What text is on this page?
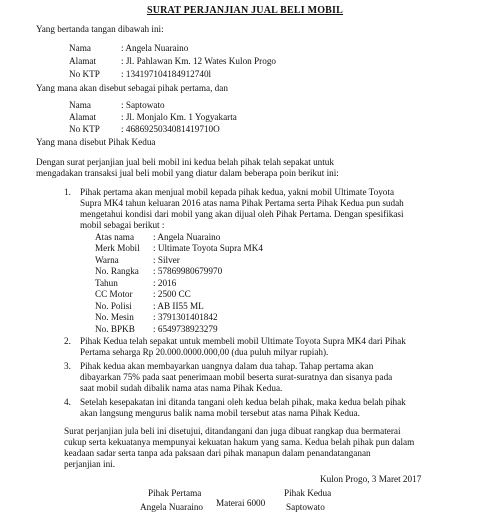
SURAT PERJANJIAN JUAL BELI MOBIL
Yang bertanda tangan dibawah ini:
Nama	: Angela Nuaraino
Alamat	: Jl. Pahlawan Km. 12 Wates Kulon Progo
No KTP : 134197104184912740l
Yang mana akan disebut sebagai pihak pertama, dan
Nama	: Saptowato
Alamat	: Jl. Monjalo Km. 1 Yogyakarta
No KTP : 4686925034081419710O
Yang mana disebut Pihak Kedua
Dengan surat perjanjian jual beli mobil ini kedua belah pihak telah sepakat untuk
mengadakan transaksi jual beli mobil yang diatur dalam beberapa poin berikut ini:
1. Pihak pertama akan menjual mobil kepada pihak kedua, yakni mobil Ultimate Toyota
Supra MK4 tahun keluaran 2016 atas nama Pihak Pertama serta Pihak Kedua pun sudah
mengetahui kondisi dari mobil yang akan dijual oleh Pihak Pertama. Dengan spesifikasi
mobil sebagai berikut :
Atas nama : Angela Nuaraino
Merk Mobil : Ultimate Toyota Supra MK4
Warna	: Silver
No. Rangka : 57869980679970
Tahun	: 2016
CC Motor : 2500 CC
No. Polisi : AB II55 ML
No. Mesin : 3791301401842
No. BPKB : 6549738923279
2. Pihak Kedua telah sepakat untuk membeli mobil Ultimate Toyota Supra MK4 dari Pihak
Pertama seharga Rp 20.000.0000.000,00 (dua puluh milyar rupiah).
3. Pihak kedua akan membayarkan uangnya dalam dua tahap. Tahap pertama akan
dibayarkan 75% pada saat penerimaan mobil beserta surat-suratnya dan sisanya pada
saat mobil sudah dibalik nama atas nama Pihak Kedua.
4. Setelah kesepakatan ini ditanda tangani oleh kedua belah pihak, maka kedua belah pihak
akan langsung mengurus balik nama mobil tersebut atas nama Pihak Kedua.
Surat perjanjian jula beli ini disetujui, ditandangani dan juga dibuat rangkap dua bermaterai
cukup serta kekuatanya mempunyai kekuatan hakum yang sama. Kedua belah pihak pun dalam
keadaan sadar serta tanpa ada paksaan dari pihak manapun dalam penandatanganan
perjanjian ini.
Kulon Progo, 3 Maret 2017
Pihak Pertama	Pihak Kedua
Materai 6000
Angela Nuaraino	Saptowato
